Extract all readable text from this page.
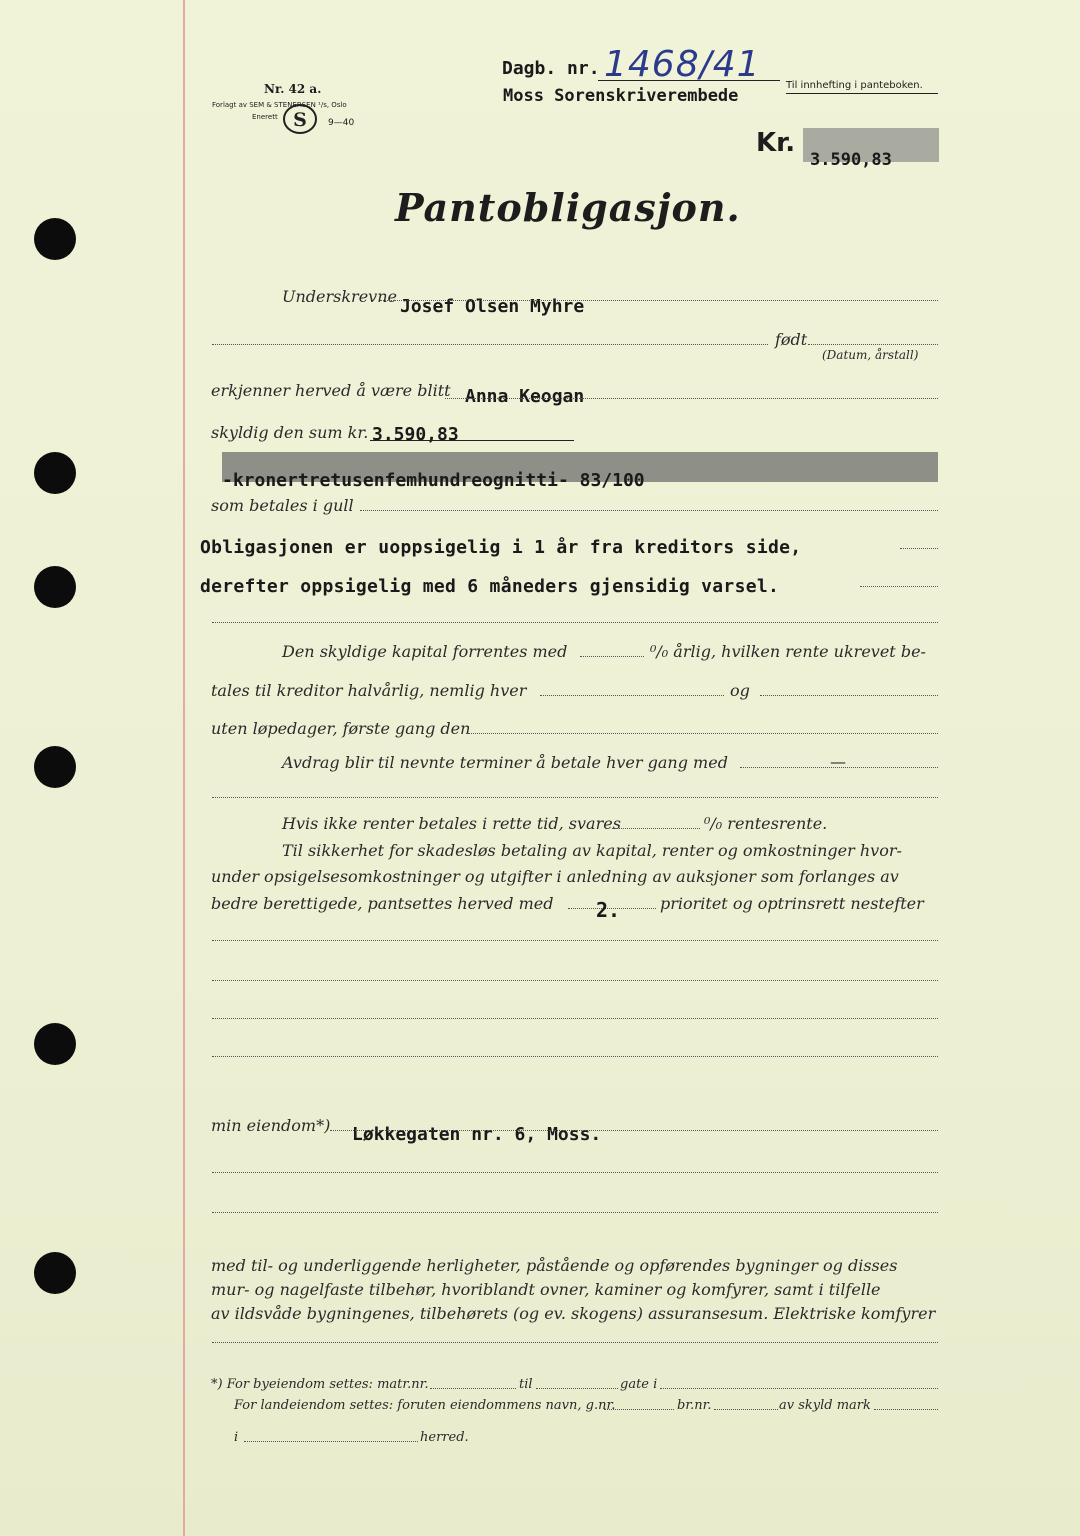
Nr. 42 a.
Forlagt av SEM & STENERSEN ¹/s, Oslo
Enerett S 9—40
Dagb. nr. 1468/41
Moss Sorenskriverembede
Til innhefting i panteboken.
Kr.
3.590,83
Pantobligasjon.
Underskrevne Josef Olsen Myhre
født
(Datum, årstall)
erkjenner herved å være blitt Anna Keogan
skyldig den sum kr. 3.590,83
-kronertretusenfemhundreognitti- 83/100
som betales i gull
Obligasjonen er uoppsigelig i 1 år fra kreditors side,
derefter oppsigelig med 6 måneders gjensidig varsel.
Den skyldige kapital forrentes med	⁰/₀ årlig, hvilken rente ukrevet be-
tales til kreditor halvårlig, nemlig hver	og
uten løpedager, første gang den
Avdrag blir til nevnte terminer å betale hver gang med	—
Hvis ikke renter betales i rette tid, svares	⁰/₀ rentesrente.
Til sikkerhet for skadesløs betaling av kapital, renter og omkostninger hvor-
under opsigelsesomkostninger og utgifter i anledning av auksjoner som forlanges av
bedre berettigede, pantsettes herved med 2. prioritet og optrinsrett nestefter
min eiendom*) Løkkegaten nr. 6, Moss.
med til- og underliggende herligheter, påstående og opførendes bygninger og disses
mur- og nagelfaste tilbehør, hvoriblandt ovner, kaminer og komfyrer, samt i tilfelle
av ildsvåde bygningenes, tilbehørets (og ev. skogens) assuransesum. Elektriske komfyrer
*) For byeiendom settes: matr.nr.	til	gate i
For landeiendom settes: foruten eiendommens navn, g.nr.	br.nr.	av skyld mark
i	herred.
